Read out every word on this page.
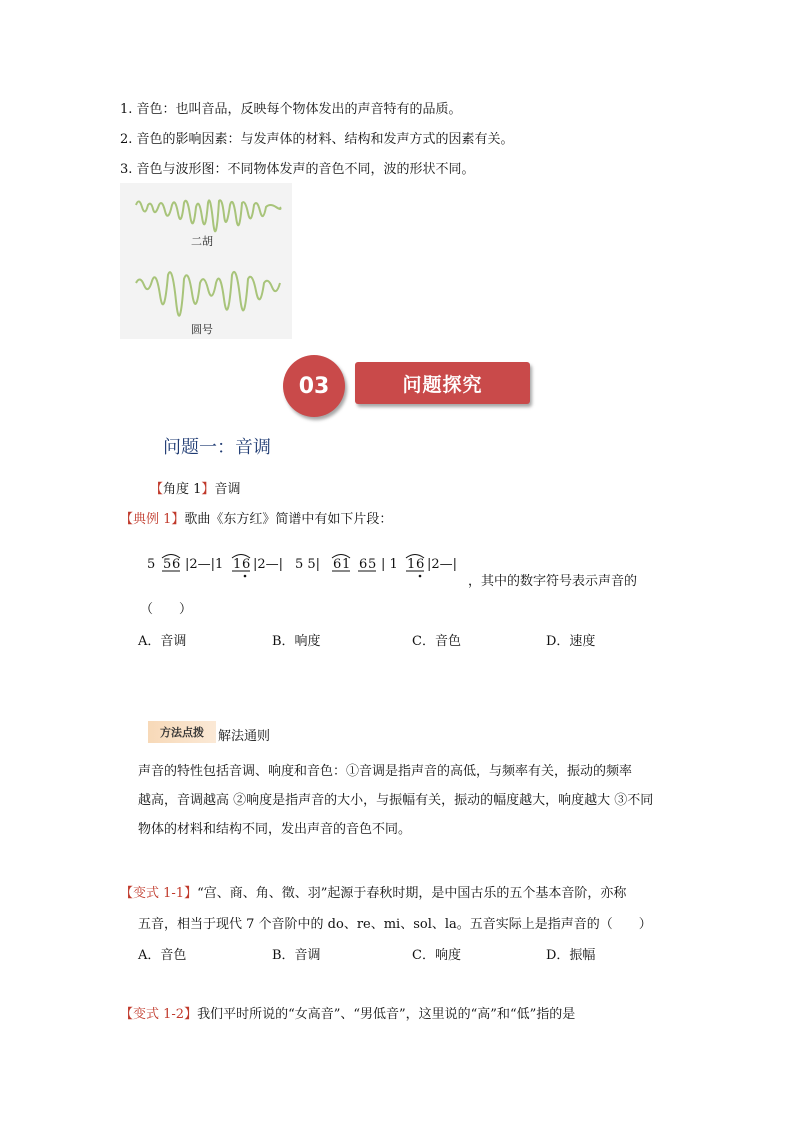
1. 音色：也叫音品，反映每个物体发出的声音特有的品质。
2. 音色的影响因素：与发声体的材料、结构和发声方式的因素有关。
3. 音色与波形图：不同物体发声的音色不同，波的形状不同。
二胡
圆号
03	问题探究
问题一：音调
【角度 1】音调
【典例 1】歌曲《东方红》简谱中有如下片段：
5 5 6 |2—|1 1 6 |2—| 5 5| 6 1 6 5 | 1 1 6 |2—|
，其中的数字符号表示声音的
（　　）
A．音调	B．响度	C．音色	D．速度
方法点拨	解法通则
声音的特性包括音调、响度和音色：①音调是指声音的高低，与频率有关，振动的频率
越高，音调越高 ②响度是指声音的大小，与振幅有关，振动的幅度越大，响度越大 ③不同
物体的材料和结构不同，发出声音的音色不同。
【变式 1-1】“宫、商、角、徵、羽”起源于春秋时期，是中国古乐的五个基本音阶，亦称
五音，相当于现代 7 个音阶中的 do、re、mi、sol、la。五音实际上是指声音的（　　）
A．音色	B．音调	C．响度	D．振幅
【变式 1-2】我们平时所说的“女高音”、“男低音”，这里说的“高”和“低”指的是
